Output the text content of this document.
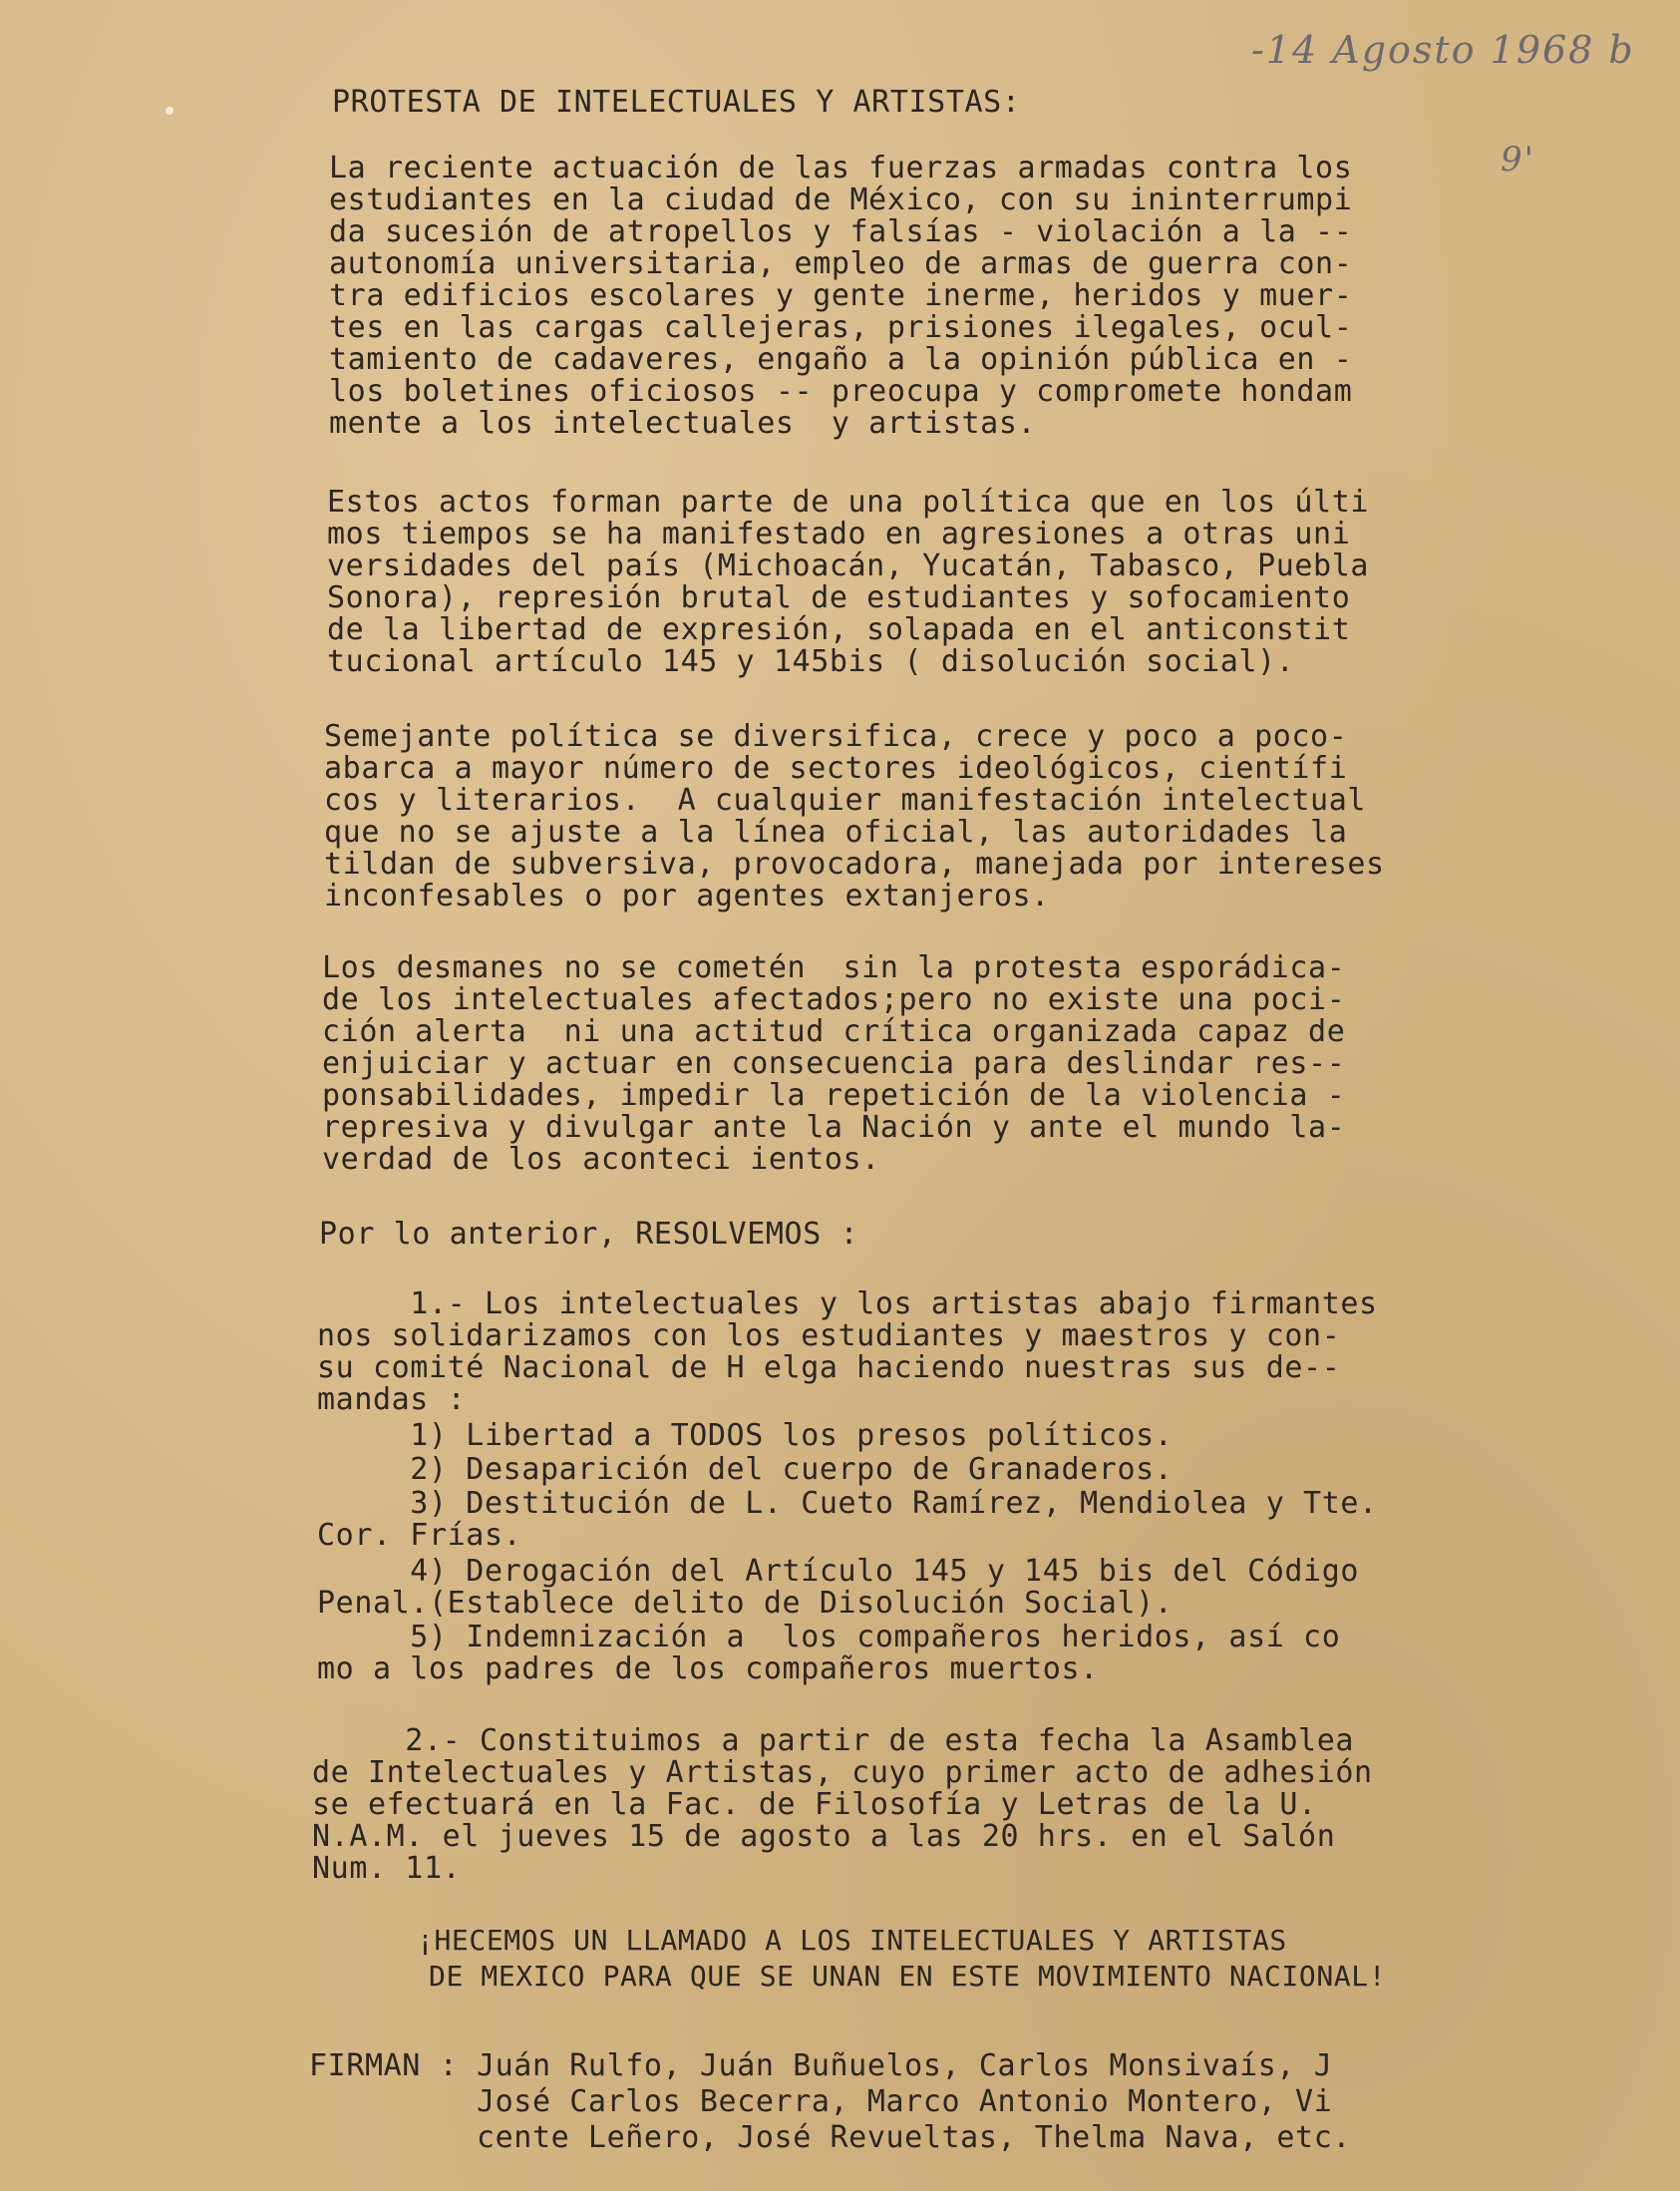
-14 Agosto 1968 b
9'
PROTESTA DE INTELECTUALES Y ARTISTAS:
La reciente actuación de las fuerzas armadas contra los
estudiantes en la ciudad de México, con su ininterrumpi
da sucesión de atropellos y falsías - violación a la --
autonomía universitaria, empleo de armas de guerra con-
tra edificios escolares y gente inerme, heridos y muer-
tes en las cargas callejeras, prisiones ilegales, ocul-
tamiento de cadaveres, engaño a la opinión pública en -
los boletines oficiosos -- preocupa y compromete hondam
mente a los intelectuales  y artistas.
Estos actos forman parte de una política que en los últi
mos tiempos se ha manifestado en agresiones a otras uni
versidades del país (Michoacán, Yucatán, Tabasco, Puebla
Sonora), represión brutal de estudiantes y sofocamiento
de la libertad de expresión, solapada en el anticonstit
tucional artículo 145 y 145bis ( disolución social).
Semejante política se diversifica, crece y poco a poco-
abarca a mayor número de sectores ideológicos, científi
cos y literarios.  A cualquier manifestación intelectual
que no se ajuste a la línea oficial, las autoridades la
tildan de subversiva, provocadora, manejada por intereses
inconfesables o por agentes extanjeros.
Los desmanes no se cometén  sin la protesta esporádica-
de los intelectuales afectados;pero no existe una poci-
ción alerta  ni una actitud crítica organizada capaz de
enjuiciar y actuar en consecuencia para deslindar res--
ponsabilidades, impedir la repetición de la violencia -
represiva y divulgar ante la Nación y ante el mundo la-
verdad de los aconteci ientos.
Por lo anterior, RESOLVEMOS :
1.- Los intelectuales y los artistas abajo firmantes
nos solidarizamos con los estudiantes y maestros y con-
su comité Nacional de H elga haciendo nuestras sus de--
mandas :
1) Libertad a TODOS los presos políticos.
2) Desaparición del cuerpo de Granaderos.
3) Destitución de L. Cueto Ramírez, Mendiolea y Tte.
Cor. Frías.
4) Derogación del Artículo 145 y 145 bis del Código
Penal.(Establece delito de Disolución Social).
5) Indemnización a  los compañeros heridos, así co
mo a los padres de los compañeros muertos.
2.- Constituimos a partir de esta fecha la Asamblea
de Intelectuales y Artistas, cuyo primer acto de adhesión
se efectuará en la Fac. de Filosofía y Letras de la U.
N.A.M. el jueves 15 de agosto a las 20 hrs. en el Salón
Num. 11.
¡HECEMOS UN LLAMADO A LOS INTELECTUALES Y ARTISTAS
DE MEXICO PARA QUE SE UNAN EN ESTE MOVIMIENTO NACIONAL!
FIRMAN : Juán Rulfo, Juán Buñuelos, Carlos Monsivaís, J
José Carlos Becerra, Marco Antonio Montero, Vi
cente Leñero, José Revueltas, Thelma Nava, etc.
